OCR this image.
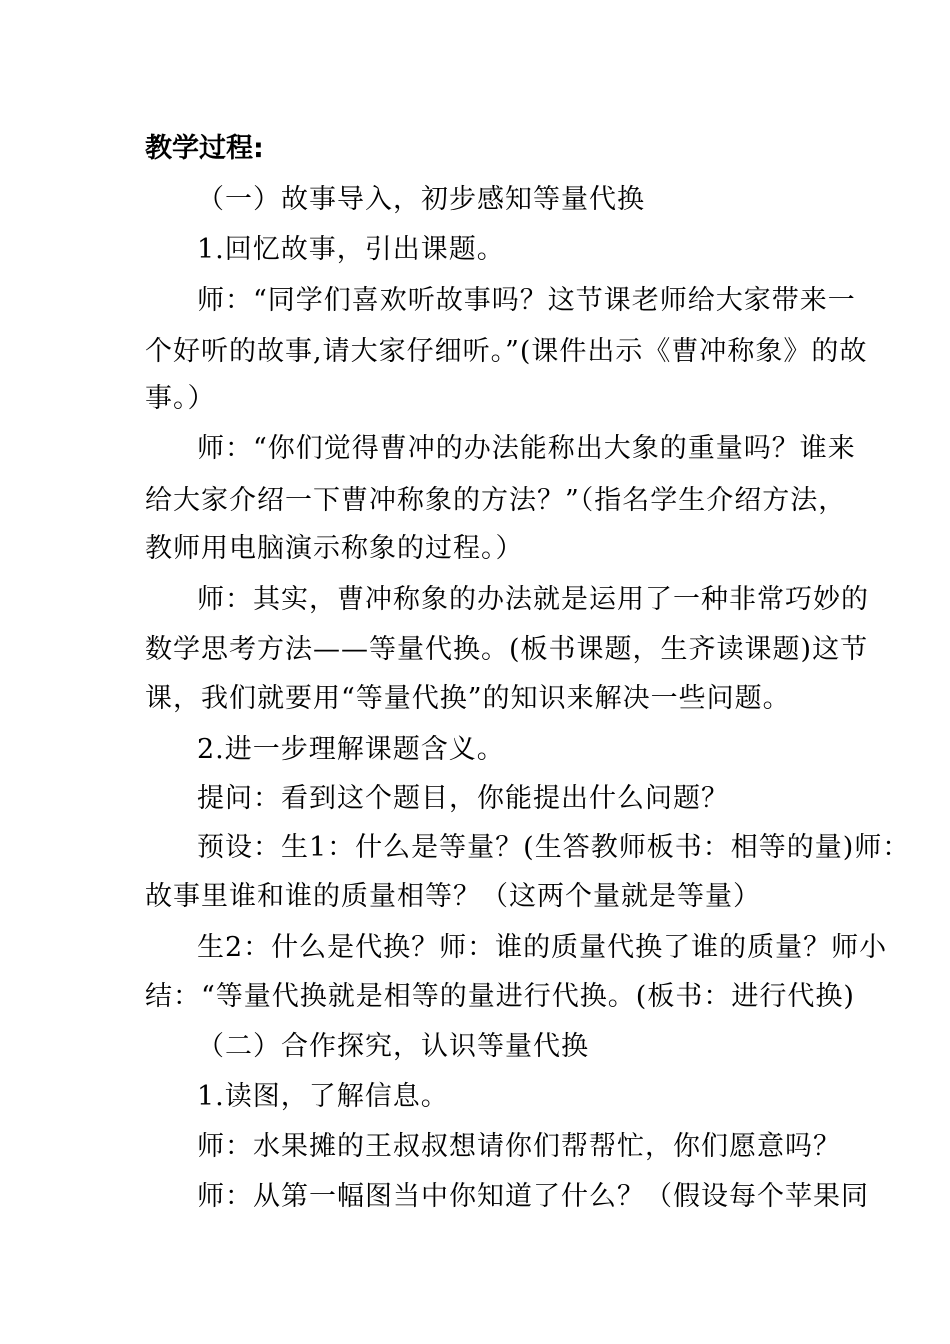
教学过程:
（一）故事导入，初步感知等量代换
1.回忆故事，引出课题。
师：“同学们喜欢听故事吗？这节课老师给大家带来一
个好听的故事,请大家仔细听。”(课件出示《曹冲称象》的故
事。）
师：“你们觉得曹冲的办法能称出大象的重量吗？谁来
给大家介绍一下曹冲称象的方法？”（指名学生介绍方法，
教师用电脑演示称象的过程。）
师：其实，曹冲称象的办法就是运用了一种非常巧妙的
数学思考方法——等量代换。(板书课题，生齐读课题)这节
课，我们就要用“等量代换”的知识来解决一些问题。
2.进一步理解课题含义。
提问：看到这个题目，你能提出什么问题？
预设：生1：什么是等量？(生答教师板书：相等的量)师：
故事里谁和谁的质量相等？（这两个量就是等量）
生2：什么是代换？师：谁的质量代换了谁的质量？师小
结：“等量代换就是相等的量进行代换。(板书：进行代换)
（二）合作探究，认识等量代换
1.读图，了解信息。
师：水果摊的王叔叔想请你们帮帮忙，你们愿意吗？
师：从第一幅图当中你知道了什么？（假设每个苹果同
